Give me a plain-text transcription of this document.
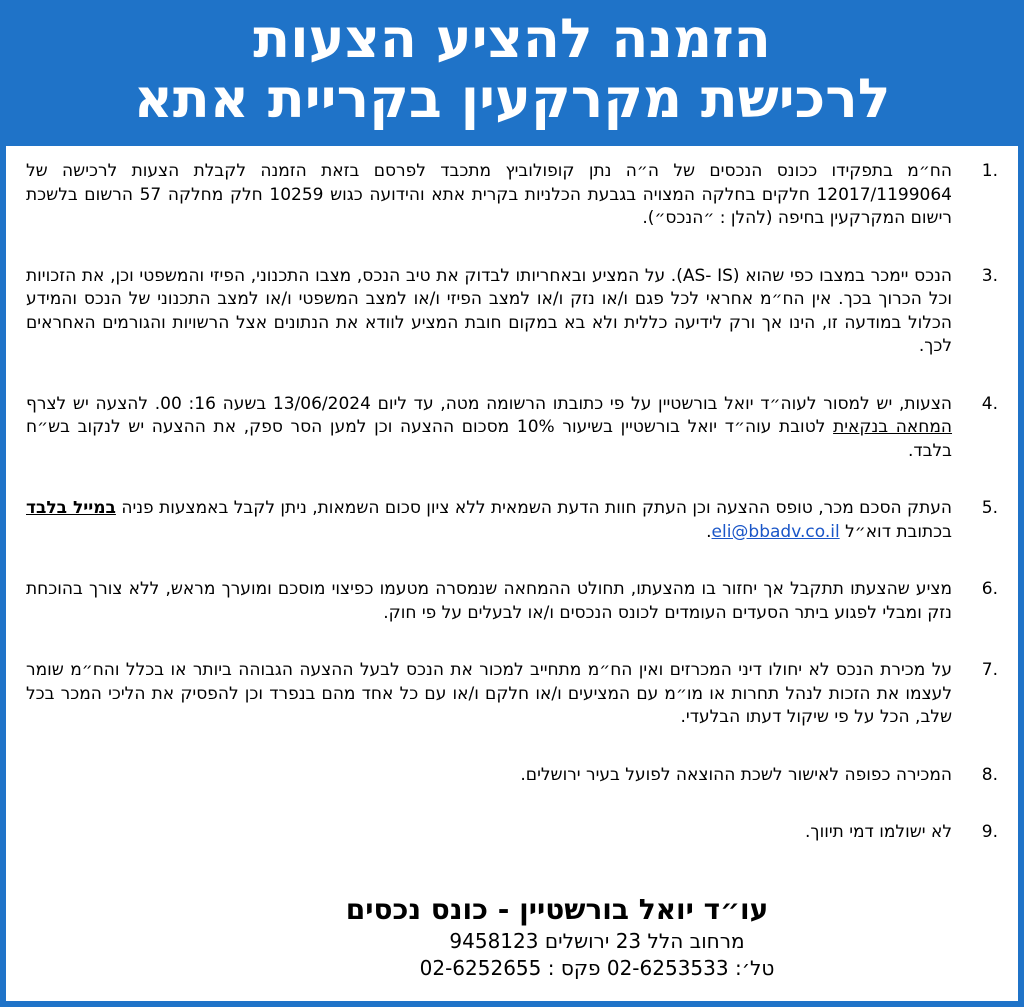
הזמנה להציע הצעות
לרכישת מקרקעין בקריית אתא
.1
הח״מ בתפקידו ככונס הנכסים של ה״ה נתן קופולוביץ מתכבד לפרסם בזאת הזמנה לקבלת הצעות לרכישה של 12017/1199064 חלקים בחלקה המצויה בגבעת הכלניות בקרית אתא והידועה כגוש 10259 חלק מחלקה 57 הרשום בלשכת רישום המקרקעין בחיפה (להלן : ״הנכס״).
.3
הנכס יימכר במצבו כפי שהוא (AS- IS). על המציע ובאחריותו לבדוק את טיב הנכס, מצבו התכנוני, הפיזי והמשפטי וכן, את הזכויות וכל הכרוך בכך. אין הח״מ אחראי לכל פגם ו/או נזק ו/או למצב הפיזי ו/או למצב המשפטי ו/או למצב התכנוני של הנכס והמידע הכלול במודעה זו, הינו אך ורק לידיעה כללית ולא בא במקום חובת המציע לוודא את הנתונים אצל הרשויות והגורמים האחראים לכך.
.4
הצעות, יש למסור לעוה״ד יואל בורשטיין על פי כתובתו הרשומה מטה, עד ליום 13/06/2024 בשעה 16: 00. להצעה יש לצרף המחאה בנקאית לטובת עוה״ד יואל בורשטיין בשיעור 10% מסכום ההצעה וכן למען הסר ספק, את ההצעה יש לנקוב בש״ח בלבד.
.5
העתק הסכם מכר, טופס ההצעה וכן העתק חוות הדעת השמאית ללא ציון סכום השמאות, ניתן לקבל באמצעות פניה במייל בלבד בכתובת דוא״ל eli@bbadv.co.il.
.6
מציע שהצעתו תתקבל אך יחזור בו מהצעתו, תחולט ההמחאה שנמסרה מטעמו כפיצוי מוסכם ומוערך מראש, ללא צורך בהוכחת נזק ומבלי לפגוע ביתר הסעדים העומדים לכונס הנכסים ו/או לבעלים על פי חוק.
.7
על מכירת הנכס לא יחולו דיני המכרזים ואין הח״מ מתחייב למכור את הנכס לבעל ההצעה הגבוהה ביותר או בכלל והח״מ שומר לעצמו את הזכות לנהל תחרות או מו״מ עם המציעים ו/או חלקם ו/או עם כל אחד מהם בנפרד וכן להפסיק את הליכי המכר בכל שלב, הכל על פי שיקול דעתו הבלעדי.
.8
המכירה כפופה לאישור לשכת ההוצאה לפועל בעיר ירושלים.
.9
לא ישולמו דמי תיווך.
עו״ד יואל בורשטיין - כונס נכסים
מרחוב הלל 23 ירושלים 9458123
טל׳: 02-6253533 פקס : 02-6252655
